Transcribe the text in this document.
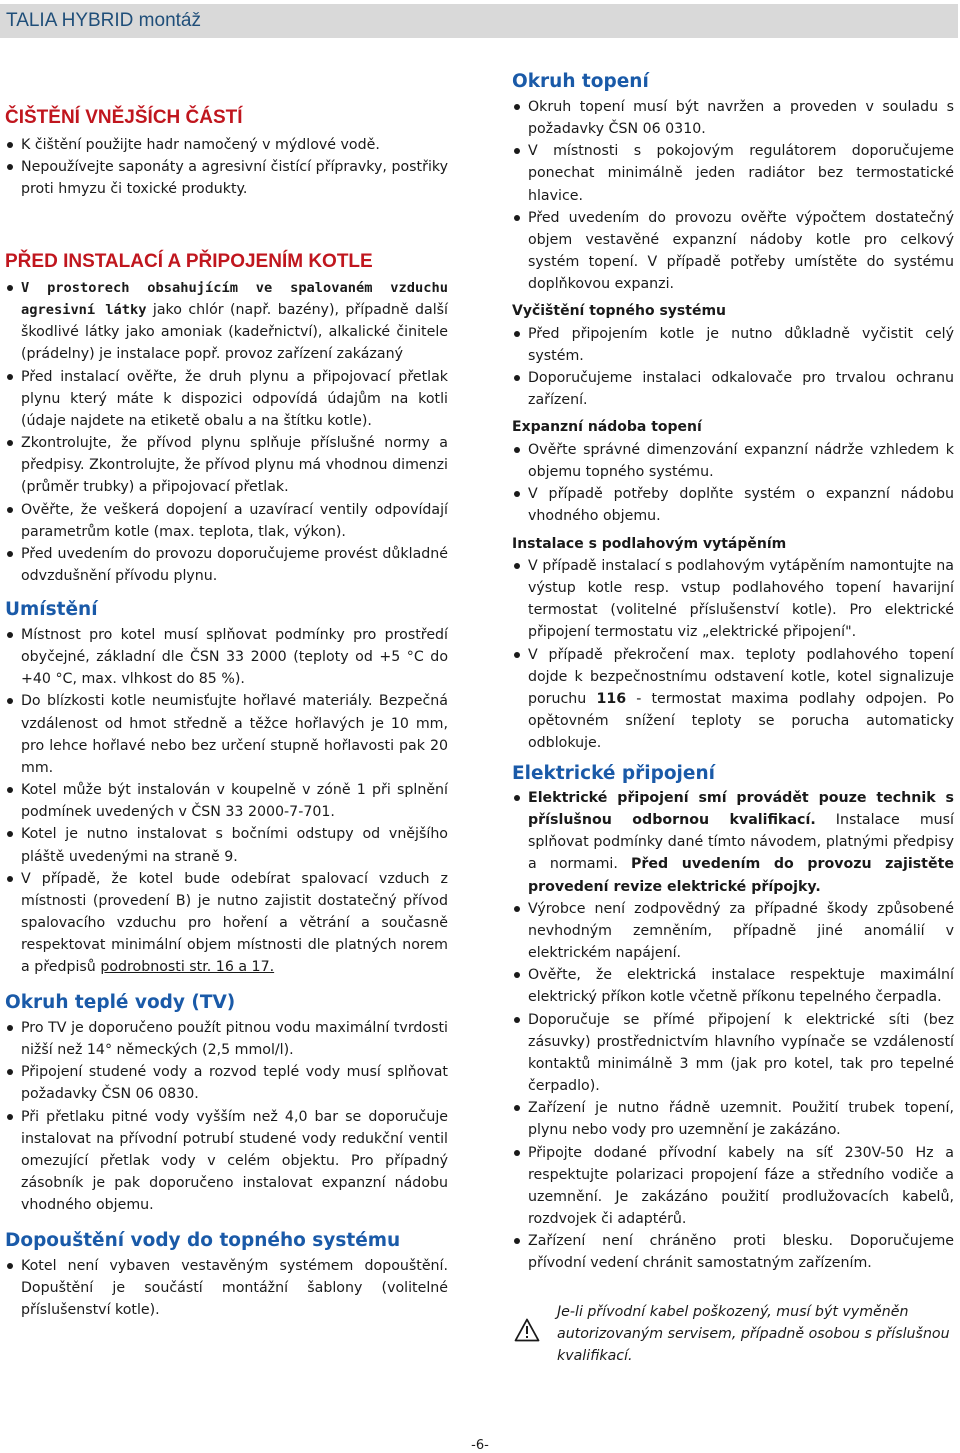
TALIA HYBRID montáž
ČIŠTĚNÍ VNĚJŠÍCH ČÁSTÍ
K čištění použijte hadr namočený v mýdlové vodě.
Nepoužívejte saponáty a agresivní čistící přípravky, postřiky proti hmyzu či toxické produkty.
PŘED INSTALACÍ A PŘIPOJENÍM KOTLE
V prostorech obsahujícím ve spalovaném vzduchu agresivní látky jako chlór (např. bazény), případně další škodlivé látky jako amoniak (kadeřnictví), alkalické činitele (prádelny) je instalace popř. provoz zařízení zakázaný
Před instalací ověřte, že druh plynu a připojovací přetlak plynu který máte k dispozici odpovídá údajům na kotli (údaje najdete na etiketě obalu a na štítku kotle).
Zkontrolujte, že přívod plynu splňuje příslušné normy a předpisy. Zkontrolujte, že přívod plynu má vhodnou dimenzi (průměr trubky) a připojovací přetlak.
Ověřte, že veškerá dopojení a uzavírací ventily odpovídají parametrům kotle (max. teplota, tlak, výkon).
Před uvedením do provozu doporučujeme provést důkladné odvzdušnění přívodu plynu.
Umístění
Místnost pro kotel musí splňovat podmínky pro prostředí obyčejné, základní dle ČSN 33 2000 (teploty od +5 °C do +40 °C, max. vlhkost do 85 %).
Do blízkosti kotle neumisťujte hořlavé materiály. Bezpečná vzdálenost od hmot středně a těžce hořlavých je 10 mm, pro lehce hořlavé nebo bez určení stupně hořlavosti pak 20 mm.
Kotel může být instalován v koupelně v zóně 1 při splnění podmínek uvedených v ČSN 33 2000-7-701.
Kotel je nutno instalovat s bočními odstupy od vnějšího pláště uvedenými na straně 9.
V případě, že kotel bude odebírat spalovací vzduch z místnosti (provedení B) je nutno zajistit dostatečný přívod spalovacího vzduchu pro hoření a větrání a současně respektovat minimální objem místnosti dle platných norem a předpisů podrobnosti str. 16 a 17.
Okruh teplé vody (TV)
Pro TV je doporučeno použít pitnou vodu maximální tvrdosti nižší než 14° německých (2,5 mmol/l).
Připojení studené vody a rozvod teplé vody musí splňovat požadavky ČSN 06 0830.
Při přetlaku pitné vody vyšším než 4,0 bar se doporučuje instalovat na přívodní potrubí studené vody redukční ventil omezující přetlak vody v celém objektu. Pro případný zásobník je pak doporučeno instalovat expanzní nádobu vhodného objemu.
Dopouštění vody do topného systému
Kotel není vybaven vestavěným systémem dopouštění. Dopuštění je součástí montážní šablony (volitelné příslušenství kotle).
Okruh topení
Okruh topení musí být navržen a proveden v souladu s požadavky ČSN 06 0310.
V místnosti s pokojovým regulátorem doporučujeme ponechat minimálně jeden radiátor bez termostatické hlavice.
Před uvedením do provozu ověřte výpočtem dostatečný objem vestavěné expanzní nádoby kotle pro celkový systém topení. V případě potřeby umístěte do systému doplňkovou expanzi.
Vyčištění topného systému
Před připojením kotle je nutno důkladně vyčistit celý systém.
Doporučujeme instalaci odkalovače pro trvalou ochranu zařízení.
Expanzní nádoba topení
Ověřte správné dimenzování expanzní nádrže vzhledem k objemu topného systému.
V případě potřeby doplňte systém o expanzní nádobu vhodného objemu.
Instalace s podlahovým vytápěním
V případě instalací s podlahovým vytápěním namontujte na výstup kotle resp. vstup podlahového topení havarijní termostat (volitelné příslušenství kotle). Pro elektrické připojení termostatu viz „elektrické připojení".
V případě překročení max. teploty podlahového topení dojde k bezpečnostnímu odstavení kotle, kotel signalizuje poruchu 116 - termostat maxima podlahy odpojen. Po opětovném snížení teploty se porucha automaticky odblokuje.
Elektrické připojení
Elektrické připojení smí provádět pouze technik s příslušnou odbornou kvalifikací. Instalace musí splňovat podmínky dané tímto návodem, platnými předpisy a normami. Před uvedením do provozu zajistěte provedení revize elektrické přípojky.
Výrobce není zodpovědný za případné škody způsobené nevhodným zemněním, případně jiné anomálií v elektrickém napájení.
Ověřte, že elektrická instalace respektuje maximální elektrický příkon kotle včetně příkonu tepelného čerpadla.
Doporučuje se přímé připojení k elektrické síti (bez zásuvky) prostřednictvím hlavního vypínače se vzdáleností kontaktů minimálně 3 mm (jak pro kotel, tak pro tepelné čerpadlo).
Zařízení je nutno řádně uzemnit. Použití trubek topení, plynu nebo vody pro uzemnění je zakázáno.
Připojte dodané přívodní kabely na síť 230V-50 Hz a respektujte polarizaci propojení fáze a středního vodiče a uzemnění. Je zakázáno použití prodlužovacích kabelů, rozdvojek či adaptérů.
Zařízení není chráněno proti blesku. Doporučujeme přívodní vedení chránit samostatným zařízením.

Je-li přívodní kabel poškozený, musí být vyměněn autorizovaným servisem, případně osobou s příslušnou kvalifikací.

-6-
